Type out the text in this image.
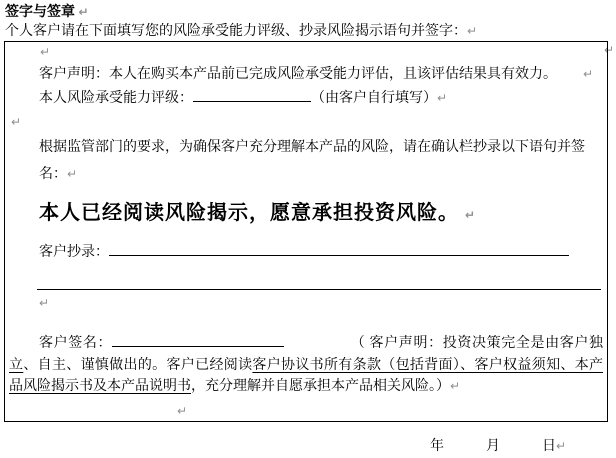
签字与签章 ↵
个人客户请在下面填写您的风险承受能力评级、抄录风险揭示语句并签字：↵
↵
↵
客户声明：本人在购买本产品前已完成风险承受能力评估，且该评估结果具有效力。 ↵
本人风险承受能力评级：	（由客户自行填写）↵
↵
根据监管部门的要求，为确保客户充分理解本产品的风险，请在确认栏抄录以下语句并签名：↵
本人已经阅读风险揭示，愿意承担投资风险。 ↵
客户抄录：
↵
客户签名：	（ 客户声明：投资决策完全是由客户独立、自主、谨慎做出的。客户已经阅读客户协议书所有条款（包括背面）、客户权益须知、本产品风险揭示书及本产品说明书，充分理解并自愿承担本产品相关风险。）↵
↵
年　　　月　　　日↵
